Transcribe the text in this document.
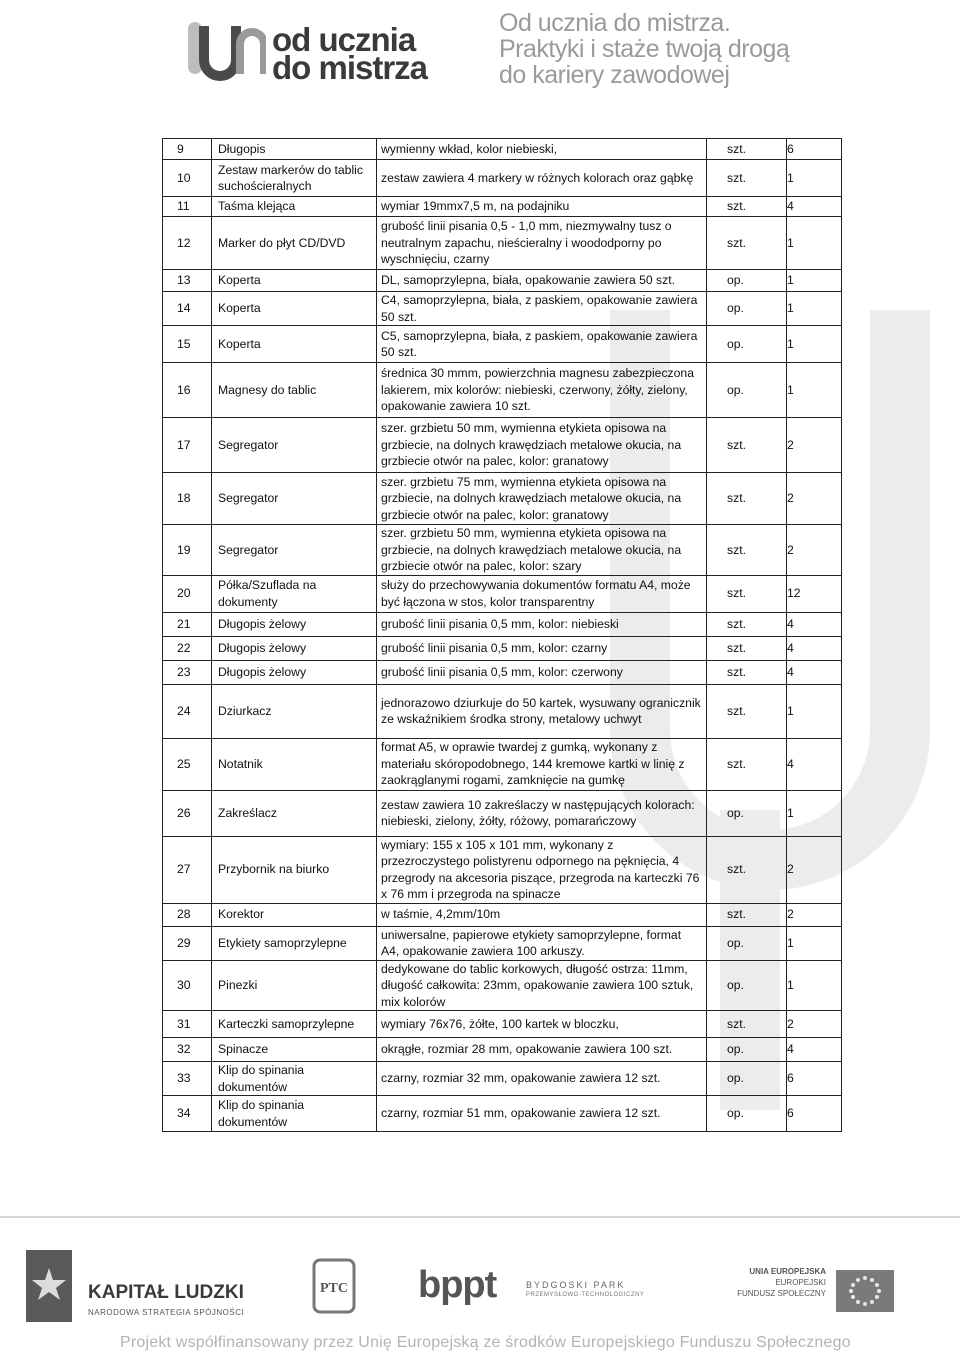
od ucznia
do mistrza
Od ucznia do mistrza.
Praktyki i staże twoją drogą
do kariery zawodowej
9	Długopis	wymienny wkład, kolor niebieski,	szt.	6
10	Zestaw markerów do tablic suchościeralnych	zestaw zawiera 4 markery w różnych kolorach oraz gąbkę	szt.	1
11	Taśma klejąca	wymiar 19mmx7,5 m, na podajniku	szt.	4
12	Marker do płyt CD/DVD	grubość linii pisania 0,5 - 1,0 mm, niezmywalny tusz o neutralnym zapachu, nieścieralny i woododporny po wyschnięciu, czarny	szt.	1
13	Koperta	DL, samoprzylepna, biała, opakowanie zawiera 50 szt.	op.	1
14	Koperta	C4, samoprzylepna, biała, z paskiem, opakowanie zawiera 50 szt.	op.	1
15	Koperta	C5, samoprzylepna, biała, z paskiem, opakowanie zawiera 50 szt.	op.	1
16	Magnesy do tablic	średnica 30 mmm, powierzchnia magnesu zabezpieczona lakierem, mix kolorów: niebieski, czerwony, żółty, zielony, opakowanie zawiera 10 szt.	op.	1
17	Segregator	szer. grzbietu 50 mm, wymienna etykieta opisowa na grzbiecie, na dolnych krawędziach metalowe okucia, na grzbiecie otwór na palec, kolor: granatowy	szt.	2
18	Segregator	szer. grzbietu 75 mm, wymienna etykieta opisowa na grzbiecie, na dolnych krawędziach metalowe okucia, na grzbiecie otwór na palec, kolor: granatowy	szt.	2
19	Segregator	szer. grzbietu 50 mm, wymienna etykieta opisowa na grzbiecie, na dolnych krawędziach metalowe okucia, na grzbiecie otwór na palec, kolor: szary	szt.	2
20	Półka/Szuflada na dokumenty	służy do przechowywania dokumentów formatu A4, może być łączona w stos, kolor transparentny	szt.	12
21	Długopis żelowy	grubość linii pisania 0,5 mm, kolor: niebieski	szt.	4
22	Długopis żelowy	grubość linii pisania 0,5 mm, kolor: czarny	szt.	4
23	Długopis żelowy	grubość linii pisania 0,5 mm, kolor: czerwony	szt.	4
24	Dziurkacz	jednorazowo dziurkuje do 50 kartek, wysuwany ogranicznik ze wskaźnikiem środka strony, metalowy uchwyt	szt.	1
25	Notatnik	format A5, w oprawie twardej z gumką, wykonany z materiału skóropodobnego, 144 kremowe kartki w linię z zaokrąglanymi rogami, zamknięcie na gumkę	szt.	4
26	Zakreślacz	zestaw zawiera 10 zakreślaczy w następujących kolorach: niebieski, zielony, żółty, różowy, pomarańczowy	op.	1
27	Przybornik na biurko	wymiary: 155 x 105 x 101 mm, wykonany z przezroczystego polistyrenu odpornego na pęknięcia, 4 przegrody na akcesoria piszące, przegroda na karteczki 76 x 76 mm i przegroda na spinacze	szt.	2
28	Korektor	w taśmie, 4,2mm/10m	szt.	2
29	Etykiety samoprzylepne	uniwersalne, papierowe etykiety samoprzylepne, format A4, opakowanie zawiera 100 arkuszy.	op.	1
30	Pinezki	dedykowane do tablic korkowych, długość ostrza: 11mm, długość całkowita: 23mm, opakowanie zawiera 100 sztuk, mix kolorów	op.	1
31	Karteczki samoprzylepne	wymiary 76x76, żółte, 100 kartek w bloczku,	szt.	2
32	Spinacze	okrągłe, rozmiar 28 mm, opakowanie zawiera 100 szt.	op.	4
33	Klip do spinania dokumentów	czarny, rozmiar 32 mm, opakowanie zawiera 12 szt.	op.	6
34	Klip do spinania dokumentów	czarny, rozmiar 51 mm, opakowanie zawiera 12 szt.	op.	6
KAPITAŁ LUDZKI
NARODOWA STRATEGIA SPÓJNOŚCI
PTC bppt	BYDGOSKI PARK
PRZEMYSŁOWO-TECHNOLOGICZNY
UNIA EUROPEJSKA
EUROPEJSKI
FUNDUSZ SPOŁECZNY
Projekt współfinansowany przez Unię Europejską ze środków Europejskiego Funduszu Społecznego
